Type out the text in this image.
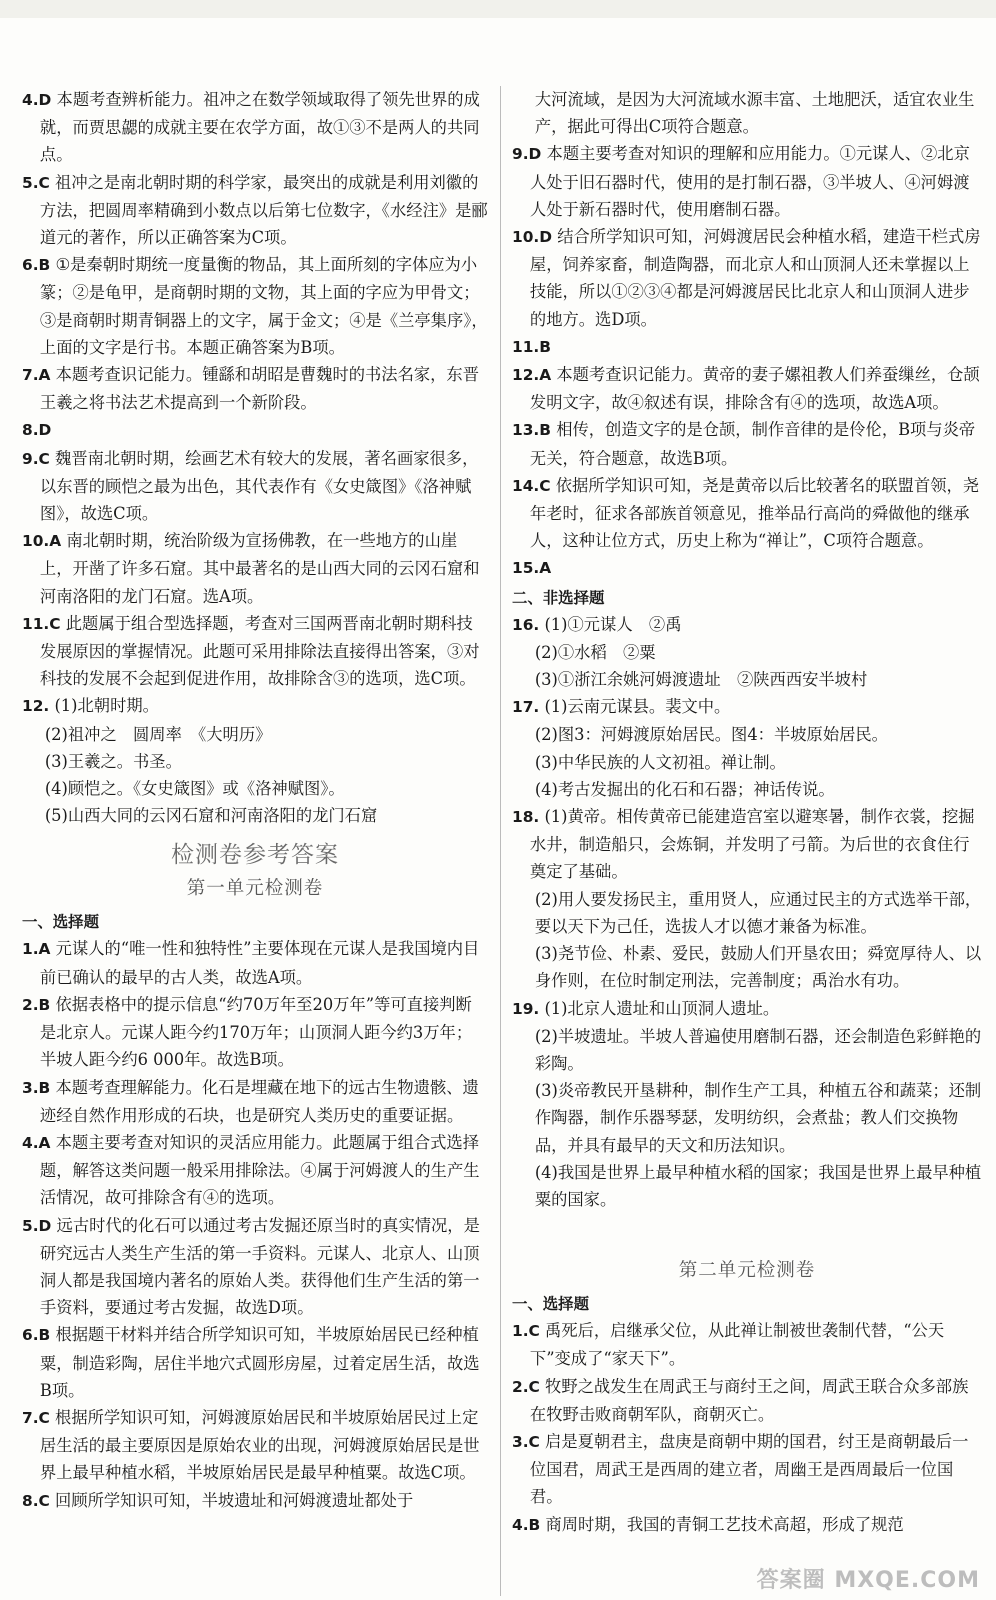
4.D 本题考查辨析能力。祖冲之在数学领域取得了领先世界的成就，而贾思勰的成就主要在农学方面，故①③不是两人的共同点。

5.C 祖冲之是南北朝时期的科学家，最突出的成就是利用刘徽的方法，把圆周率精确到小数点以后第七位数字，《水经注》是郦道元的著作，所以正确答案为C项。

6.B ①是秦朝时期统一度量衡的物品，其上面所刻的字体应为小篆；②是龟甲，是商朝时期的文物，其上面的字应为甲骨文；③是商朝时期青铜器上的文字，属于金文；④是《兰亭集序》，上面的文字是行书。本题正确答案为B项。

7.A 本题考查识记能力。锺繇和胡昭是曹魏时的书法名家，东晋王羲之将书法艺术提高到一个新阶段。

8.D

9.C 魏晋南北朝时期，绘画艺术有较大的发展，著名画家很多，以东晋的顾恺之最为出色，其代表作有《女史箴图》《洛神赋图》，故选C项。

10.A 南北朝时期，统治阶级为宣扬佛教，在一些地方的山崖上，开凿了许多石窟。其中最著名的是山西大同的云冈石窟和河南洛阳的龙门石窟。选A项。

11.C 此题属于组合型选择题，考查对三国两晋南北朝时期科技发展原因的掌握情况。此题可采用排除法直接得出答案，③对科技的发展不会起到促进作用，故排除含③的选项，选C项。

12. (1)北朝时期。

(2)祖冲之　圆周率　《大明历》

(3)王羲之。书圣。

(4)顾恺之。《女史箴图》或《洛神赋图》。

(5)山西大同的云冈石窟和河南洛阳的龙门石窟

检测卷参考答案

第一单元检测卷

一、选择题

1.A 元谋人的“唯一性和独特性”主要体现在元谋人是我国境内目前已确认的最早的古人类，故选A项。

2.B 依据表格中的提示信息“约70万年至20万年”等可直接判断是北京人。元谋人距今约170万年；山顶洞人距今约3万年；半坡人距今约6 000年。故选B项。

3.B 本题考查理解能力。化石是埋藏在地下的远古生物遗骸、遗迹经自然作用形成的石块，也是研究人类历史的重要证据。

4.A 本题主要考查对知识的灵活应用能力。此题属于组合式选择题，解答这类问题一般采用排除法。④属于河姆渡人的生产生活情况，故可排除含有④的选项。

5.D 远古时代的化石可以通过考古发掘还原当时的真实情况，是研究远古人类生产生活的第一手资料。元谋人、北京人、山顶洞人都是我国境内著名的原始人类。获得他们生产生活的第一手资料，要通过考古发掘，故选D项。

6.B 根据题干材料并结合所学知识可知，半坡原始居民已经种植粟，制造彩陶，居住半地穴式圆形房屋，过着定居生活，故选B项。

7.C 根据所学知识可知，河姆渡原始居民和半坡原始居民过上定居生活的最主要原因是原始农业的出现，河姆渡原始居民是世界上最早种植水稻，半坡原始居民是最早种植粟。故选C项。

8.C 回顾所学知识可知，半坡遗址和河姆渡遗址都处于

大河流域，是因为大河流域水源丰富、土地肥沃，适宜农业生产，据此可得出C项符合题意。

9.D 本题主要考查对知识的理解和应用能力。①元谋人、②北京人处于旧石器时代，使用的是打制石器，③半坡人、④河姆渡人处于新石器时代，使用磨制石器。

10.D 结合所学知识可知，河姆渡居民会种植水稻，建造干栏式房屋，饲养家畜，制造陶器，而北京人和山顶洞人还未掌握以上技能，所以①②③④都是河姆渡居民比北京人和山顶洞人进步的地方。选D项。

11.B

12.A 本题考查识记能力。黄帝的妻子嫘祖教人们养蚕缫丝，仓颉发明文字，故④叙述有误，排除含有④的选项，故选A项。

13.B 相传，创造文字的是仓颉，制作音律的是伶伦，B项与炎帝无关，符合题意，故选B项。

14.C 依据所学知识可知，尧是黄帝以后比较著名的联盟首领，尧年老时，征求各部族首领意见，推举品行高尚的舜做他的继承人，这种让位方式，历史上称为“禅让”，C项符合题意。

15.A

二、非选择题

16. (1)①元谋人　②禹

(2)①水稻　②粟

(3)①浙江余姚河姆渡遗址　②陕西西安半坡村

17. (1)云南元谋县。裴文中。

(2)图3：河姆渡原始居民。图4：半坡原始居民。

(3)中华民族的人文初祖。禅让制。

(4)考古发掘出的化石和石器；神话传说。

18. (1)黄帝。相传黄帝已能建造宫室以避寒暑，制作衣裳，挖掘水井，制造船只，会炼铜，并发明了弓箭。为后世的衣食住行奠定了基础。

(2)用人要发扬民主，重用贤人，应通过民主的方式选举干部，要以天下为己任，选拔人才以德才兼备为标准。

(3)尧节俭、朴素、爱民，鼓励人们开垦农田；舜宽厚待人、以身作则，在位时制定刑法，完善制度；禹治水有功。

19. (1)北京人遗址和山顶洞人遗址。

(2)半坡遗址。半坡人普遍使用磨制石器，还会制造色彩鲜艳的彩陶。

(3)炎帝教民开垦耕种，制作生产工具，种植五谷和蔬菜；还制作陶器，制作乐器琴瑟，发明纺织，会煮盐；教人们交换物品，并具有最早的天文和历法知识。

(4)我国是世界上最早种植水稻的国家；我国是世界上最早种植粟的国家。

第二单元检测卷

一、选择题

1.C 禹死后，启继承父位，从此禅让制被世袭制代替，“公天下”变成了“家天下”。

2.C 牧野之战发生在周武王与商纣王之间，周武王联合众多部族在牧野击败商朝军队，商朝灭亡。

3.C 启是夏朝君主，盘庚是商朝中期的国君，纣王是商朝最后一位国君，周武王是西周的建立者，周幽王是西周最后一位国君。

4.B 商周时期，我国的青铜工艺技术高超，形成了规范

答案圈 MXQE.COM
